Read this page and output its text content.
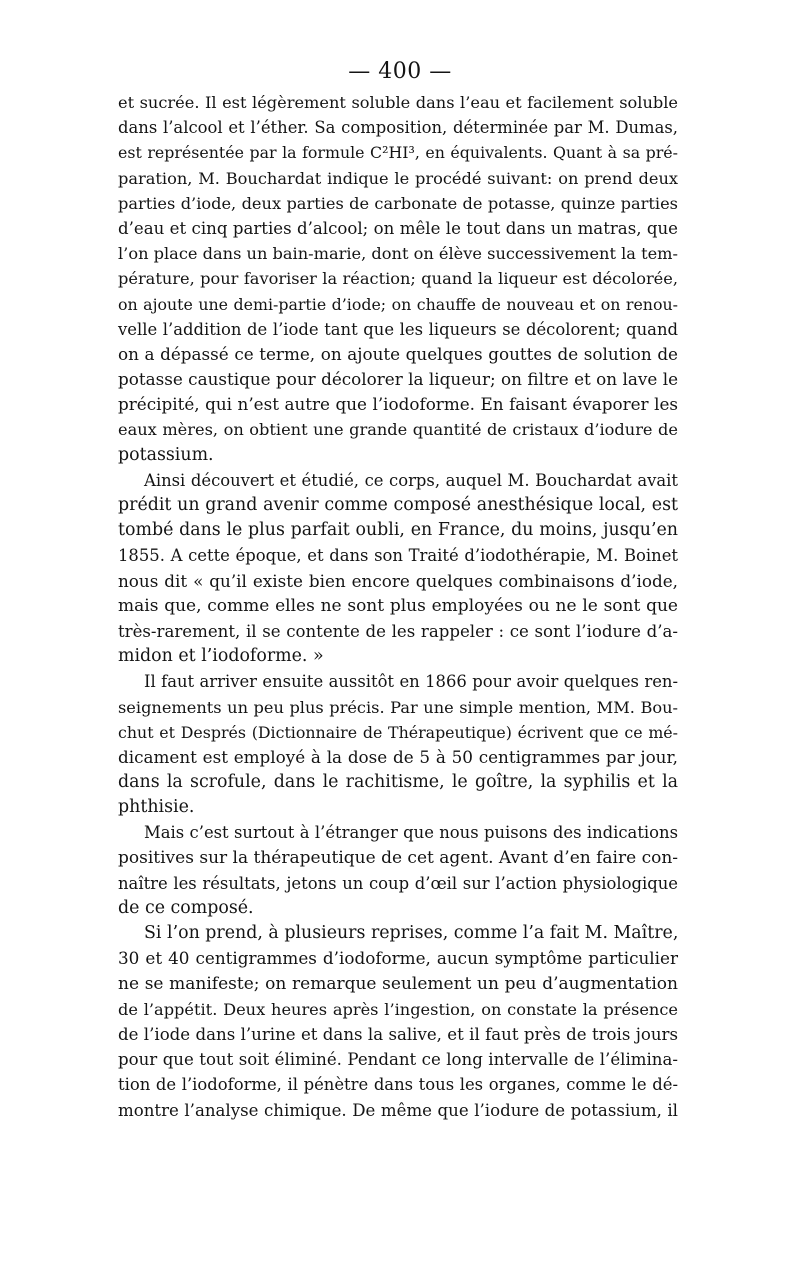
— 400 —
et sucrée. Il est légèrement soluble dans l’eau et facilement soluble
dans l’alcool et l’éther. Sa composition, déterminée par M. Dumas,
est représentée par la formule C²HI³, en équivalents. Quant à sa pré-
paration, M. Bouchardat indique le procédé suivant: on prend deux
parties d’iode, deux parties de carbonate de potasse, quinze parties
d’eau et cinq parties d’alcool; on mêle le tout dans un matras, que
l’on place dans un bain-marie, dont on élève successivement la tem-
pérature, pour favoriser la réaction; quand la liqueur est décolorée,
on ajoute une demi-partie d’iode; on chauffe de nouveau et on renou-
velle l’addition de l’iode tant que les liqueurs se décolorent; quand
on a dépassé ce terme, on ajoute quelques gouttes de solution de
potasse caustique pour décolorer la liqueur; on filtre et on lave le
précipité, qui n’est autre que l’iodoforme. En faisant évaporer les
eaux mères, on obtient une grande quantité de cristaux d’iodure de
potassium.
Ainsi découvert et étudié, ce corps, auquel M. Bouchardat avait
prédit un grand avenir comme composé anesthésique local, est
tombé dans le plus parfait oubli, en France, du moins, jusqu’en
1855. A cette époque, et dans son Traité d’iodothérapie, M. Boinet
nous dit « qu’il existe bien encore quelques combinaisons d’iode,
mais que, comme elles ne sont plus employées ou ne le sont que
très-rarement, il se contente de les rappeler : ce sont l’iodure d’a-
midon et l’iodoforme. »
Il faut arriver ensuite aussitôt en 1866 pour avoir quelques ren-
seignements un peu plus précis. Par une simple mention, MM. Bou-
chut et Després (Dictionnaire de Thérapeutique) écrivent que ce mé-
dicament est employé à la dose de 5 à 50 centigrammes par jour,
dans la scrofule, dans le rachitisme, le goître, la syphilis et la
phthisie.
Mais c’est surtout à l’étranger que nous puisons des indications
positives sur la thérapeutique de cet agent. Avant d’en faire con-
naître les résultats, jetons un coup d’œil sur l’action physiologique
de ce composé.
Si l’on prend, à plusieurs reprises, comme l’a fait M. Maître,
30 et 40 centigrammes d’iodoforme, aucun symptôme particulier
ne se manifeste; on remarque seulement un peu d’augmentation
de l’appétit. Deux heures après l’ingestion, on constate la présence
de l’iode dans l’urine et dans la salive, et il faut près de trois jours
pour que tout soit éliminé. Pendant ce long intervalle de l’élimina-
tion de l’iodoforme, il pénètre dans tous les organes, comme le dé-
montre l’analyse chimique. De même que l’iodure de potassium, il
